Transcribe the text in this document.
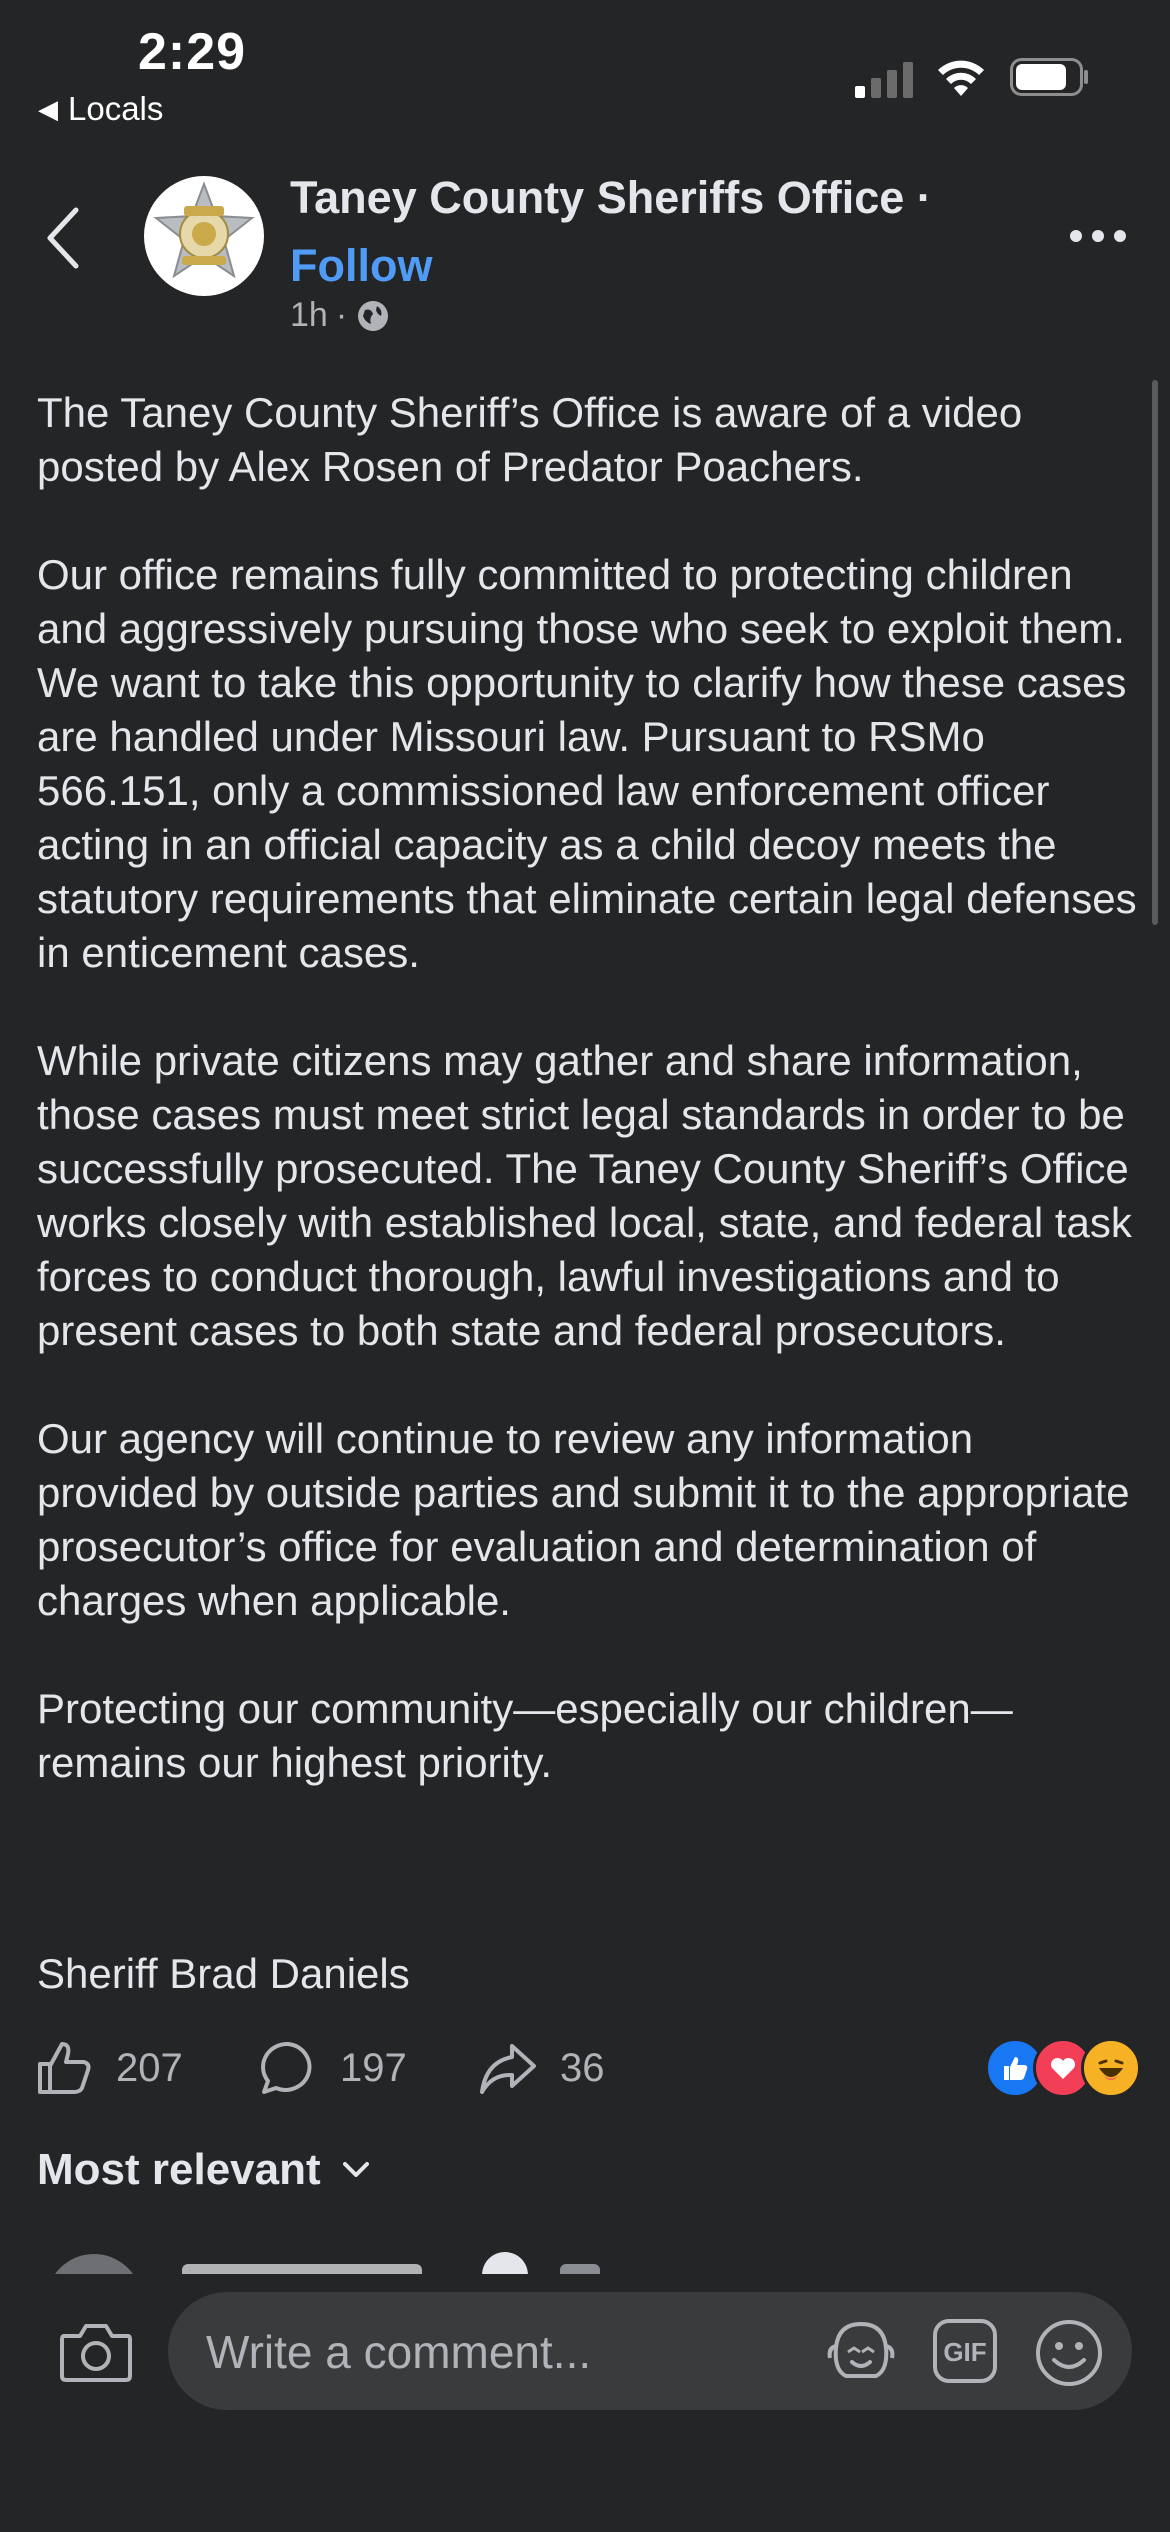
2:29
◀ Locals
Taney County Sheriffs Office ·
Follow
1h ·

The Taney County Sheriff’s Office is aware of a video posted by Alex Rosen of Predator Poachers.

Our office remains fully committed to protecting children and aggressively pursuing those who seek to exploit them. We want to take this opportunity to clarify how these cases are handled under Missouri law. Pursuant to RSMo 566.151, only a commissioned law enforcement officer acting in an official capacity as a child decoy meets the statutory requirements that eliminate certain legal defenses in enticement cases.

While private citizens may gather and share information, those cases must meet strict legal standards in order to be successfully prosecuted. The Taney County Sheriff’s Office works closely with established local, state, and federal task forces to conduct thorough, lawful investigations and to present cases to both state and federal prosecutors.

Our agency will continue to review any information provided by outside parties and submit it to the appropriate prosecutor’s office for evaluation and determination of charges when applicable.

Protecting our community—especially our children—remains our highest priority.

Sheriff Brad Daniels
207	197	36
Most relevant
Write a comment...
GIF
